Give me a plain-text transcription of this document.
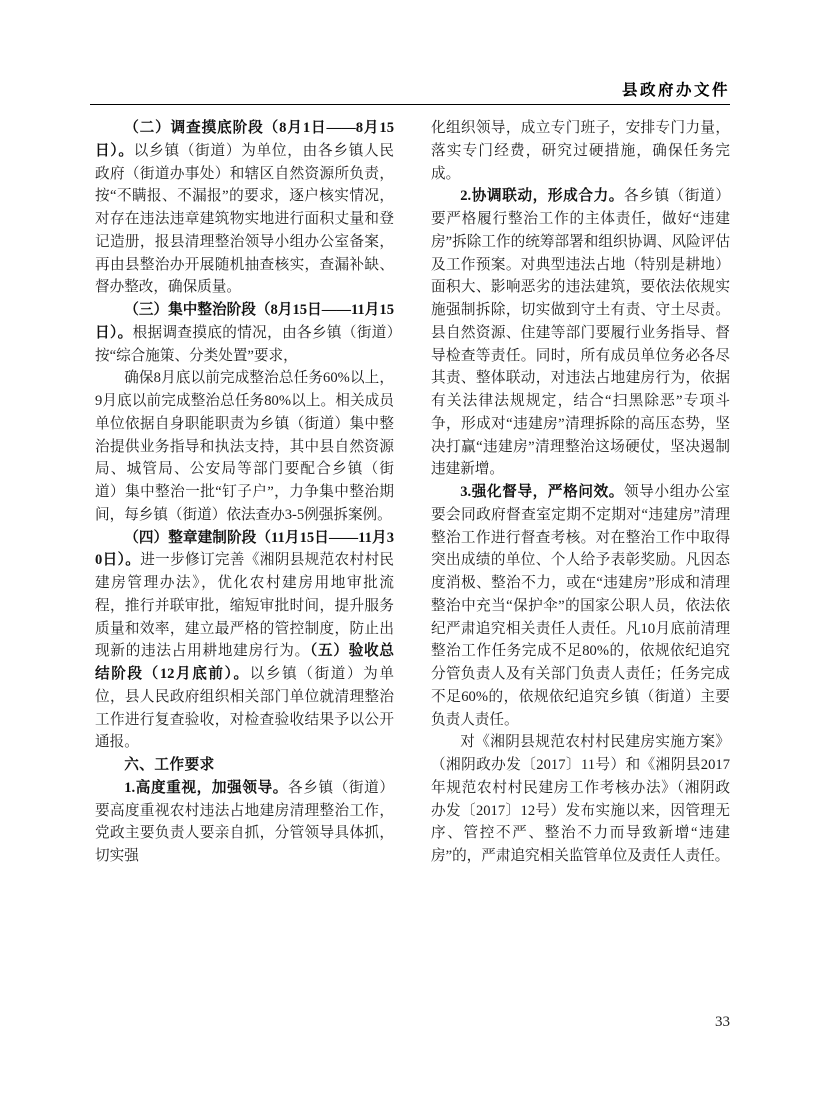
县政府办文件

（二）调查摸底阶段（8月1日——8月15日）。以乡镇（街道）为单位，由各乡镇人民政府（街道办事处）和辖区自然资源所负责，按“不瞒报、不漏报”的要求，逐户核实情况，对存在违法违章建筑物实地进行面积丈量和登记造册，报县清理整治领导小组办公室备案，再由县整治办开展随机抽查核实，查漏补缺、督办整改，确保质量。

（三）集中整治阶段（8月15日——11月15日）。根据调查摸底的情况，由各乡镇（街道）按“综合施策、分类处置”要求，

确保8月底以前完成整治总任务60%以上，9月底以前完成整治总任务80%以上。相关成员单位依据自身职能职责为乡镇（街道）集中整治提供业务指导和执法支持，其中县自然资源局、城管局、公安局等部门要配合乡镇（街道）集中整治一批“钉子户”，力争集中整治期间，每乡镇（街道）依法查办3-5例强拆案例。

（四）整章建制阶段（11月15日——11月30日）。进一步修订完善《湘阴县规范农村村民建房管理办法》，优化农村建房用地审批流程，推行并联审批，缩短审批时间，提升服务质量和效率，建立最严格的管控制度，防止出现新的违法占用耕地建房行为。（五）验收总结阶段（12月底前）。以乡镇（街道）为单位，县人民政府组织相关部门单位就清理整治工作进行复查验收，对检查验收结果予以公开通报。

六、工作要求

1.高度重视，加强领导。各乡镇（街道）要高度重视农村违法占地建房清理整治工作，党政主要负责人要亲自抓，分管领导具体抓，切实强

化组织领导，成立专门班子，安排专门力量，落实专门经费，研究过硬措施，确保任务完成。

2.协调联动，形成合力。各乡镇（街道）要严格履行整治工作的主体责任，做好“违建房”拆除工作的统筹部署和组织协调、风险评估及工作预案。对典型违法占地（特别是耕地）面积大、影响恶劣的违法建筑，要依法依规实施强制拆除，切实做到守土有责、守土尽责。县自然资源、住建等部门要履行业务指导、督导检查等责任。同时，所有成员单位务必各尽其责、整体联动，对违法占地建房行为，依据有关法律法规规定，结合“扫黑除恶”专项斗争，形成对“违建房”清理拆除的高压态势，坚决打赢“违建房”清理整治这场硬仗，坚决遏制违建新增。

3.强化督导，严格问效。领导小组办公室要会同政府督查室定期不定期对“违建房”清理整治工作进行督查考核。对在整治工作中取得突出成绩的单位、个人给予表彰奖励。凡因态度消极、整治不力，或在“违建房”形成和清理整治中充当“保护伞”的国家公职人员，依法依纪严肃追究相关责任人责任。凡10月底前清理整治工作任务完成不足80%的，依规依纪追究分管负责人及有关部门负责人责任；任务完成不足60%的，依规依纪追究乡镇（街道）主要负责人责任。

对《湘阴县规范农村村民建房实施方案》（湘阴政办发〔2017〕11号）和《湘阴县2017年规范农村村民建房工作考核办法》（湘阴政办发〔2017〕12号）发布实施以来，因管理无序、管控不严、整治不力而导致新增“违建房”的，严肃追究相关监管单位及责任人责任。

33
